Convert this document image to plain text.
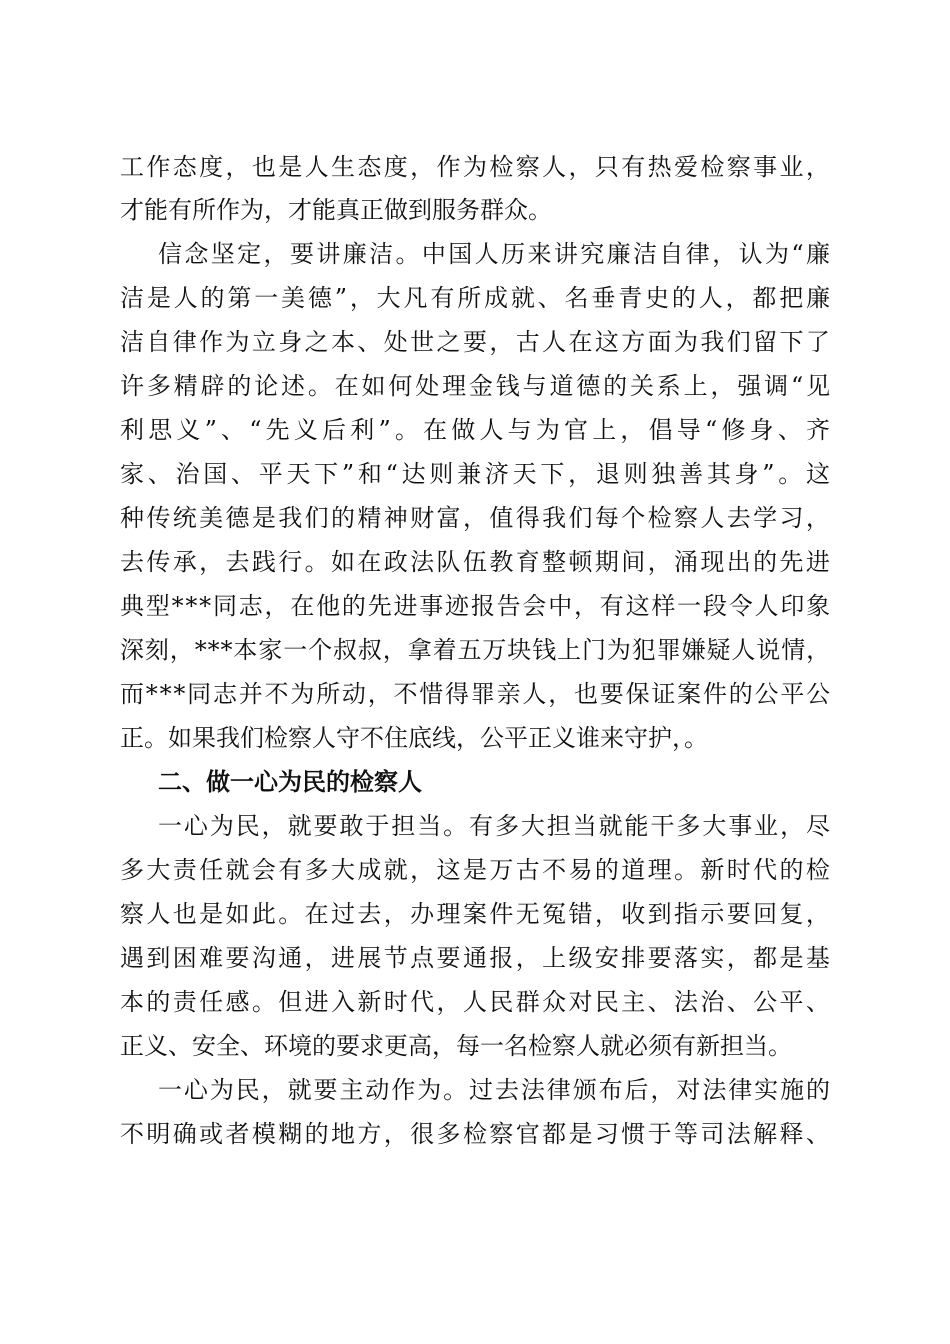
工作态度，也是人生态度，作为检察人，只有热爱检察事业，
才能有所作为，才能真正做到服务群众。
信念坚定，要讲廉洁。中国人历来讲究廉洁自律，认为“廉
洁是人的第一美德”，大凡有所成就、名垂青史的人，都把廉
洁自律作为立身之本、处世之要，古人在这方面为我们留下了
许多精辟的论述。在如何处理金钱与道德的关系上，强调“见
利思义”、“先义后利”。在做人与为官上，倡导“修身、齐
家、治国、平天下”和“达则兼济天下，退则独善其身”。这
种传统美德是我们的精神财富，值得我们每个检察人去学习，
去传承，去践行。如在政法队伍教育整顿期间，涌现出的先进
典型***同志，在他的先进事迹报告会中，有这样一段令人印象
深刻，***本家一个叔叔，拿着五万块钱上门为犯罪嫌疑人说情，
而***同志并不为所动，不惜得罪亲人，也要保证案件的公平公
正。如果我们检察人守不住底线，公平正义谁来守护，。
二、做一心为民的检察人
一心为民，就要敢于担当。有多大担当就能干多大事业，尽
多大责任就会有多大成就，这是万古不易的道理。新时代的检
察人也是如此。在过去，办理案件无冤错，收到指示要回复，
遇到困难要沟通，进展节点要通报，上级安排要落实，都是基
本的责任感。但进入新时代，人民群众对民主、法治、公平、
正义、安全、环境的要求更高，每一名检察人就必须有新担当。
一心为民，就要主动作为。过去法律颁布后，对法律实施的
不明确或者模糊的地方，很多检察官都是习惯于等司法解释、
